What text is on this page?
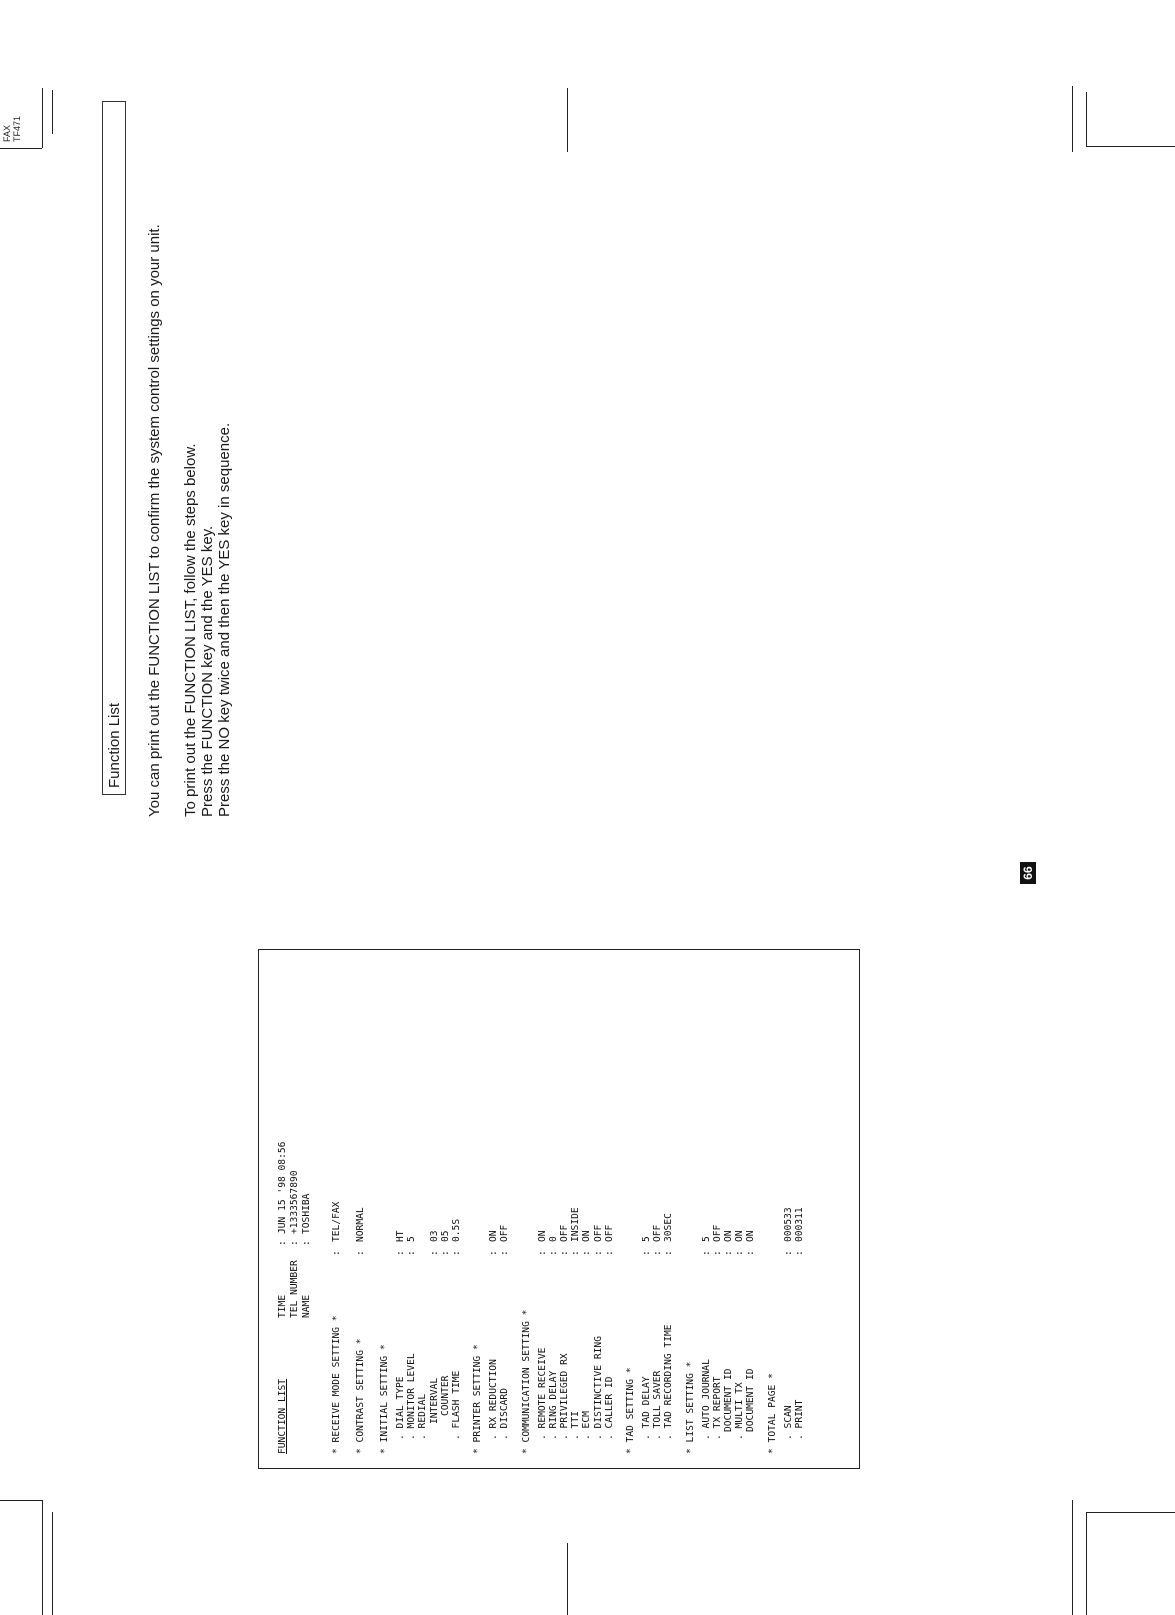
FAX TF471
Function List You can print out the FUNCTION LIST to confirm the system control settings on your unit. To print out the FUNCTION LIST, follow the steps below. Press the FUNCTION key and the YES key. Press the NO key twice and then the YES key in sequence.
FUNCTION LIST
TIME
:
JUN 15 '98 08:56
TEL NUMBER
:
+1333567890
NAME
:
TOSHIBA
* RECEIVE MODE SETTING *
:
TEL/FAX
* CONTRAST SETTING *
:
NORMAL
* INITIAL SETTING * . DIAL TYPE
:
HT
. MONITOR LEVEL
:
5
. REDIAL INTERVAL
:
03
COUNTER
:
05
. FLASH TIME
:
0.5S
* PRINTER SETTING * . RX REDUCTION
:
ON
. DISCARD
:
OFF
* COMMUNICATION SETTING * . REMOTE RECEIVE
:
ON
. RING DELAY
:
0
. PRIVILEGED RX
:
OFF
. TTI
:
INSIDE
. ECM
:
ON
. DISTINCTIVE RING
:
OFF
. CALLER ID
:
OFF
* TAD SETTING * . TAD DELAY
:
5
. TOLL SAVER
:
OFF
. TAD RECORDING TIME
:
30SEC
* LIST SETTING * . AUTO JOURNAL
:
5
. TX REPORT
:
OFF
DOCUMENT ID
:
ON
. MULTI TX
:
ON
DOCUMENT ID
:
ON
* TOTAL PAGE * . SCAN
:
000533
. PRINT
:
000311
66
